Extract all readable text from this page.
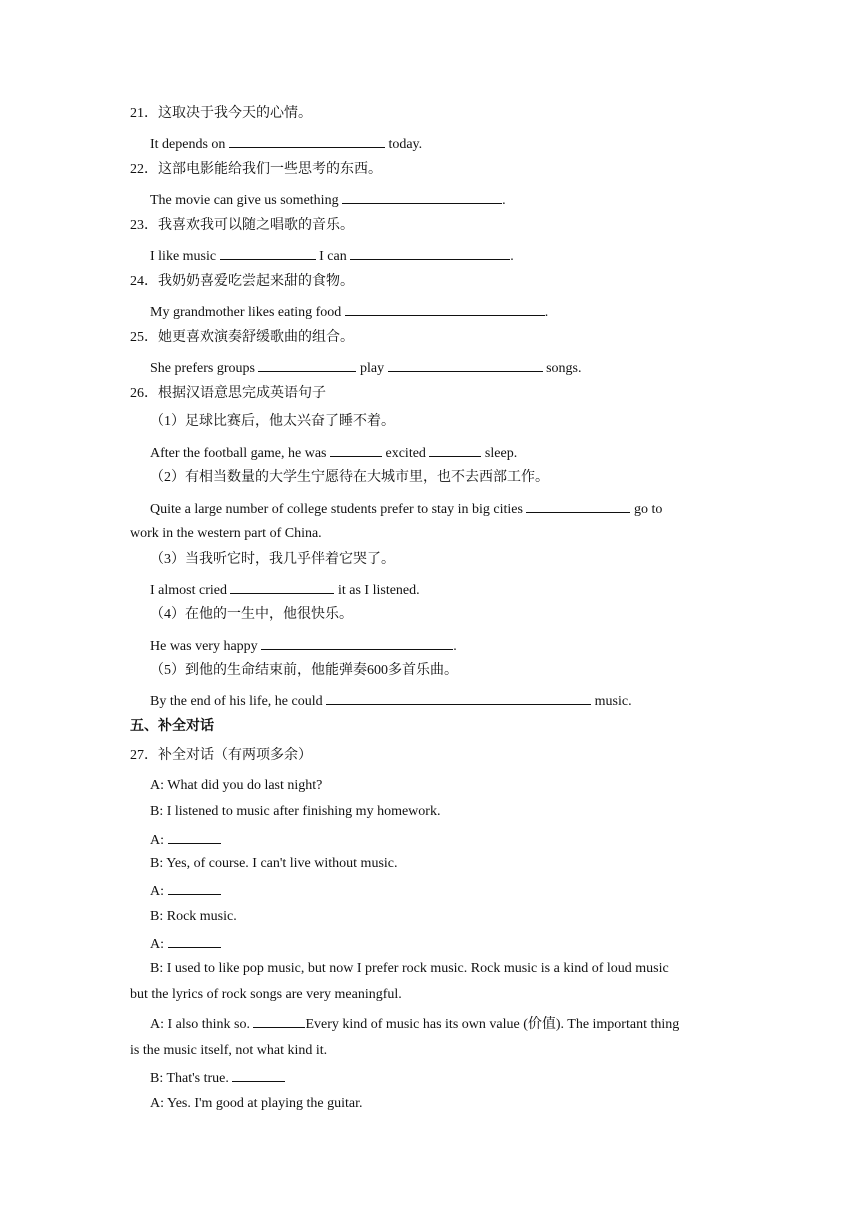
21．这取决于我今天的心情。
It depends on	today.
22．这部电影能给我们一些思考的东西。
The movie can give us something	.
23．我喜欢我可以随之唱歌的音乐。
I like music	I can	.
24．我奶奶喜爱吃尝起来甜的食物。
My grandmother likes eating food	.
25．她更喜欢演奏舒缓歌曲的组合。
She prefers groups	play	songs.
26．根据汉语意思完成英语句子
（1）足球比赛后，他太兴奋了睡不着。
After the football game, he was	excited	sleep.
（2）有相当数量的大学生宁愿待在大城市里，也不去西部工作。
Quite a large number of college students prefer to stay in big cities	go to
work in the western part of China.
（3）当我听它时，我几乎伴着它哭了。
I almost cried	it as I listened.
（4）在他的一生中，他很快乐。
He was very happy	.
（5）到他的生命结束前，他能弹奏600多首乐曲。
By the end of his life, he could	music.
五、补全对话
27．补全对话（有两项多余）
A: What did you do last night?
B: I listened to music after finishing my homework.
A:
B: Yes, of course. I can't live without music.
A:
B: Rock music.
A:
B: I used to like pop music, but now I prefer rock music. Rock music is a kind of loud music
but the lyrics of rock songs are very meaningful.
A: I also think so.	Every kind of music has its own value (价值). The important thing
is the music itself, not what kind it.
B: That's true.
A: Yes. I'm good at playing the guitar.
